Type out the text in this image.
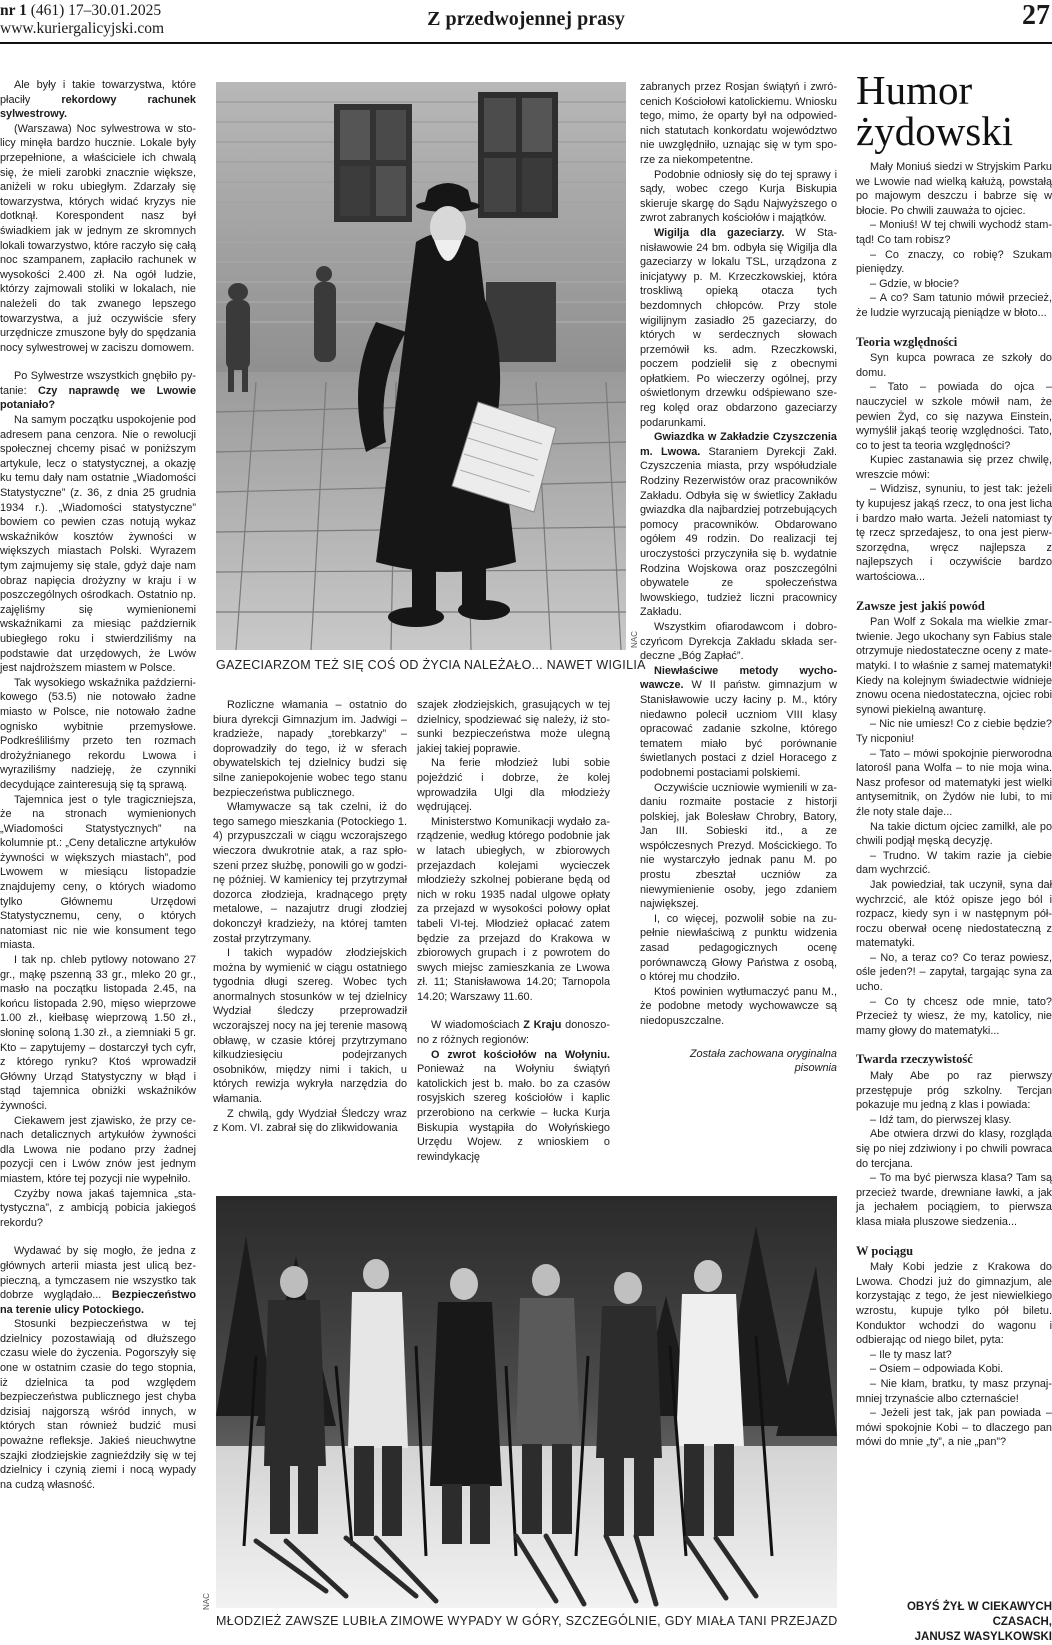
nr 1 (461) 17–30.01.2025
www.kuriergalicyjski.com	Z przedwojennej prasy	27

Ale były i takie towarzystwa, które płaciły rekordowy rachunek sylwestrowy.

(Warszawa) Noc sylwestrowa w stolicy minęła bardzo hucznie. Lokale były przepełnione, a właściciele ich chwalą się, że mieli zarobki znacznie większe, aniżeli w roku ubiegłym. Zdarzały się towarzystwa, których widać kryzys nie dotknął. Korespondent nasz był świadkiem jak w jednym ze skromnych lokali towarzystwo, które raczyło się całą noc szampanem, zapłaciło rachunek w wysokości 2.400 zł. Na ogół ludzie, którzy zajmowali stoliki w lokalach, nie należeli do tak zwanego lepszego towarzystwa, a już oczywiście sfery urzędnicze zmuszone były do spędzania nocy sylwestrowej w zaciszu domowem.

Po Sylwestrze wszystkich gnębiło pytanie: Czy naprawdę we Lwowie potaniało?

Na samym początku uspokojenie pod adresem pana cenzora. Nie o rewolucji społecznej chcemy pisać w poniższym artykule, lecz o statystycznej, a okazję ku temu dały nam ostatnie „Wiadomości Statystyczne” (z. 36, z dnia 25 grudnia 1934 r.). „Wiadomości statystyczne” bowiem co pewien czas notują wykaz wskaźników kosztów żywności w większych miastach Polski. Wyrazem tym zajmujemy się stale, gdyż daje nam obraz napięcia drożyzny w kraju i w poszczególnych ośrodkach. Ostatnio np. zajęliśmy się wymienionemi wskaźnikami za miesiąc październik ubiegłego roku i stwierdziliśmy na podstawie dat urzędowych, że Lwów jest najdroższem miastem w Polsce.

Tak wysokiego wskaźnika październikowego (53.5) nie notowało żadne miasto w Polsce, nie notowało żadne ognisko wybitnie przemysłowe. Podkreśliliśmy przeto ten rozmach drożyźnianego rekordu Lwowa i wyraziliśmy nadzieję, że czynniki decydujące zainteresują się tą sprawą.

Tajemnica jest o tyle tragiczniejsza, że na stronach wymienionych „Wiadomości Statystycznych” na kolumnie pt.: „Ceny detaliczne artykułów żywności w większych miastach”, pod Lwowem w miesiącu listopadzie znajdujemy ceny, o których wiadomo tylko Głównemu Urzędowi Statystycznemu, ceny, o których natomiast nic nie wie konsument tego miasta.

I tak np. chleb pytlowy notowano 27 gr., mąkę pszenną 33 gr., mleko 20 gr., masło na początku listopada 2.45, na końcu listopada 2.90, mięso wieprzowe 1.00 zł., kiełbasę wieprzową 1.50 zł., słoninę soloną 1.30 zł., a ziemniaki 5 gr. Kto – zapytujemy – dostarczył tych cyfr, z którego rynku? Ktoś wprowadził Główny Urząd Statystyczny w błąd i stąd tajemnica obniżki wskaźników żywności.

Ciekawem jest zjawisko, że przy cenach detalicznych artykułów żywności dla Lwowa nie podano przy żadnej pozycji cen i Lwów znów jest jednym miastem, które tej pozycji nie wypełniło.

Czyżby nowa jakaś tajemnica „statystyczna”, z ambicją pobicia jakiegoś rekordu?

Wydawać by się mogło, że jedna z głównych arterii miasta jest ulicą bezpieczną, a tymczasem nie wszystko tak dobrze wyglądało... Bezpieczeństwo na terenie ulicy Potockiego.

Stosunki bezpieczeństwa w tej dzielnicy pozostawiają od dłuższego czasu wiele do życzenia. Pogorszyły się one w ostatnim czasie do tego stopnia, iż dzielnica ta pod względem bezpieczeństwa publicznego jest chyba dzisiaj najgorszą wśród innych, w których stan również budzić musi poważne refleksje. Jakieś nieuchwytne szajki złodziejskie zagnieździły się w tej dzielnicy i czynią ziemi i nocą wypady na cudzą własność.

GAZECIARZOM TEŻ SIĘ COŚ OD ŻYCIA NALEŻAŁO... NAWET WIGILIA
NAC

Rozliczne włamania – ostatnio do biura dyrekcji Gimnazjum im. Jadwigi – kradzieże, napady „torebkarzy” – doprowadziły do tego, iż w sferach obywatelskich tej dzielnicy budzi się silne zaniepokojenie wobec tego stanu bezpieczeństwa publicznego.

Włamywacze są tak czelni, iż do tego samego mieszkania (Potockiego 1. 4) przypuszczali w ciągu wczorajszego wieczora dwukrotnie atak, a raz spłoszeni przez służbę, ponowili go w godzinę później. W kamienicy tej przytrzymał dozorca złodzieja, kradnącego pręty metalowe, – nazajutrz drugi złodziej dokonczył kradzieży, na której tamten został przytrzymany.

I takich wypadów złodziejskich można by wymienić w ciągu ostatniego tygodnia długi szereg. Wobec tych anormalnych stosunków w tej dzielnicy Wydział śledczy przeprowadził wczorajszej nocy na jej terenie masową obławę, w czasie której przytrzymano kilkudziesięciu podejrzanych osobników, między nimi i takich, u których rewizja wykryła narzędzia do włamania.

Z chwilą, gdy Wydział Śledczy wraz z Kom. VI. zabrał się do zlikwidowania

szajek złodziejskich, grasujących w tej dzielnicy, spodziewać się należy, iż stosunki bezpieczeństwa może ulegną jakiej takiej poprawie.

Na ferie młodzież lubi sobie pojeździć i dobrze, że kolej wprowadziła Ulgi dla młodzieży wędrującej.

Ministerstwo Komunikacji wydało zarządzenie, według którego podobnie jak w latach ubiegłych, w zbiorowych przejazdach kolejami wycieczek młodzieży szkolnej pobierane będą od nich w roku 1935 nadal ulgowe opłaty za przejazd w wysokości połowy opłat tabeli VI-tej. Młodzież opłacać zatem będzie za przejazd do Krakowa w zbiorowych grupach i z powrotem do swych miejsc zamieszkania ze Lwowa zł. 11; Stanisławowa 14.20; Tarnopola 14.20; Warszawy 11.60.

W wiadomościach Z Kraju donoszono z różnych regionów:

O zwrot kościołów na Wołyniu. Ponieważ na Wołyniu świątyń katolickich jest b. mało. bo za czasów rosyjskich szereg kościołów i kaplic przerobiono na cerkwie – łucka Kurja Biskupia wystąpiła do Wołyńskiego Urzędu Wojew. z wnioskiem o rewindykację

zabranych przez Rosjan świątyń i zwrócenich Kościołowi katolickiemu. Wniosku tego, mimo, że oparty był na odpowiednich statutach konkordatu województwo nie uwzględniło, uznając się w tym sporze za niekompetentne.

Podobnie odniosły się do tej sprawy i sądy, wobec czego Kurja Biskupia skieruje skargę do Sądu Najwyższego o zwrot zabranych kościołów i majątków.

Wigilja dla gazeciarzy. W Stanisławowie 24 bm. odbyła się Wigilja dla gazeciarzy w lokalu TSL, urządzona z inicjatywy p. M. Krzeczkowskiej, która troskliwą opieką otacza tych bezdomnych chłopców. Przy stole wigilijnym zasiadło 25 gazeciarzy, do których w serdecznych słowach przemówił ks. adm. Rzeczkowski, poczem podzielił się z obecnymi opłatkiem. Po wieczerzy ogólnej, przy oświetlonym drzewku odśpiewano szereg kolęd oraz obdarzono gazeciarzy podarunkami.

Gwiazdka w Zakładzie Czyszczenia m. Lwowa. Staraniem Dyrekcji Zakł. Czyszczenia miasta, przy współudziale Rodziny Rezerwistów oraz pracowników Zakładu. Odbyła się w świetlicy Zakładu gwiazdka dla najbardziej potrzebujących pomocy pracowników. Obdarowano ogółem 49 rodzin. Do realizacji tej uroczystości przyczyniła się b. wydatnie Rodzina Wojskowa oraz poszczególni obywatele ze społeczeństwa lwowskiego, tudzież liczni pracownicy Zakładu.

Wszystkim ofiarodawcom i dobroczyńcom Dyrekcja Zakładu składa serdeczne „Bóg Zapłać”.

Niewłaściwe metody wychowawcze. W II państw. gimnazjum w Stanisławowie uczy łaciny p. M., który niedawno polecił uczniom VIII klasy opracować zadanie szkolne, którego tematem miało być porównanie świetlanych postaci z dziel Horacego z podobnemi postaciami polskiemi.

Oczywiście uczniowie wymienili w zadaniu rozmaite postacie z historji polskiej, jak Bolesław Chrobry, Batory, Jan III. Sobieski itd., a ze współczesnych Prezyd. Mościckiego. To nie wystarczyło jednak panu M. po prostu zbeształ uczniów za niewymienienie osoby, jego zdaniem największej.

I, co więcej, pozwolił sobie na zupełnie niewłaściwą z punktu widzenia zasad pedagogicznych ocenę porównawczą Głowy Państwa z osobą, o której mu chodziło.

Ktoś powinien wytłumaczyć panu M., że podobne metody wychowawcze są niedopuszczalne.

Została zachowana oryginalna pisownia

MŁODZIEŻ ZAWSZE LUBIŁA ZIMOWE WYPADY W GÓRY, SZCZEGÓLNIE, GDY MIAŁA TANI PRZEJAZD
NAC
Humor
żydowski

Mały Moniuś siedzi w Stryjskim Parku we Lwowie nad wielką kałużą, powstałą po majowym deszczu i babrze się w błocie. Po chwili zauważa to ojciec.

– Moniuś! W tej chwili wychodź stamtąd! Co tam robisz?

– Co znaczy, co robię? Szukam pieniędzy.

– Gdzie, w błocie?

– A co? Sam tatunio mówił przecież, że ludzie wyrzucają pieniądze w błoto...

Teoria względności

Syn kupca powraca ze szkoły do domu.

– Tato – powiada do ojca – nauczyciel w szkole mówił nam, że pewien Żyd, co się nazywa Einstein, wymyślił jakąś teorię względności. Tato, co to jest ta teoria względności?

Kupiec zastanawia się przez chwilę, wreszcie mówi:

– Widzisz, synuniu, to jest tak: jeżeli ty kupujesz jakąś rzecz, to ona jest licha i bardzo mało warta. Jeżeli natomiast ty tę rzecz sprzedajesz, to ona jest pierwszorzędna, wręcz najlepsza z najlepszych i oczywiście bardzo wartościowa...

Zawsze jest jakiś powód

Pan Wolf z Sokala ma wielkie zmartwienie. Jego ukochany syn Fabius stale otrzymuje niedostateczne oceny z matematyki. I to właśnie z samej matematyki! Kiedy na kolejnym świadectwie widnieje znowu ocena niedostateczna, ojciec robi synowi piekielną awanturę.

– Nic nie umiesz! Co z ciebie będzie? Ty nicponiu!

– Tato – mówi spokojnie pierworodna latorośl pana Wolfa – to nie moja wina. Nasz profesor od matematyki jest wielki antysemitnik, on Żydów nie lubi, to mi źle noty stale daje...

Na takie dictum ojciec zamilkł, ale po chwili podjął męską decyzję.

– Trudno. W takim razie ja ciebie dam wychrzcić.

Jak powiedział, tak uczynił, syna dał wychrzcić, ale któż opisze jego ból i rozpacz, kiedy syn i w następnym półroczu oberwał ocenę niedostateczną z matematyki.

– No, a teraz co? Co teraz powiesz, ośle jeden?! – zapytał, targając syna za ucho.

– Co ty chcesz ode mnie, tato? Przecież ty wiesz, że my, katolicy, nie mamy głowy do matematyki...

Twarda rzeczywistość

Mały Abe po raz pierwszy przestępuje próg szkolny. Tercjan pokazuje mu jedną z klas i powiada:

– Idź tam, do pierwszej klasy.

Abe otwiera drzwi do klasy, rozgląda się po niej zdziwiony i po chwili powraca do tercjana.

– To ma być pierwsza klasa? Tam są przecież twarde, drewniane ławki, a jak ja jechałem pociągiem, to pierwsza klasa miała pluszowe siedzenia...

W pociągu

Mały Kobi jedzie z Krakowa do Lwowa. Chodzi już do gimnazjum, ale korzystając z tego, że jest niewielkiego wzrostu, kupuje tylko pół biletu. Konduktor wchodzi do wagonu i odbierając od niego bilet, pyta:

– Ile ty masz lat?

– Osiem – odpowiada Kobi.

– Nie kłam, bratku, ty masz przynajmniej trzynaście albo czternaście!

– Jeżeli jest tak, jak pan powiada – mówi spokojnie Kobi – to dlaczego pan mówi do mnie „ty”, a nie „pan”?

OBYŚ ŻYŁ W CIEKAWYCH CZASACH,
JANUSZ WASYLKOWSKI
